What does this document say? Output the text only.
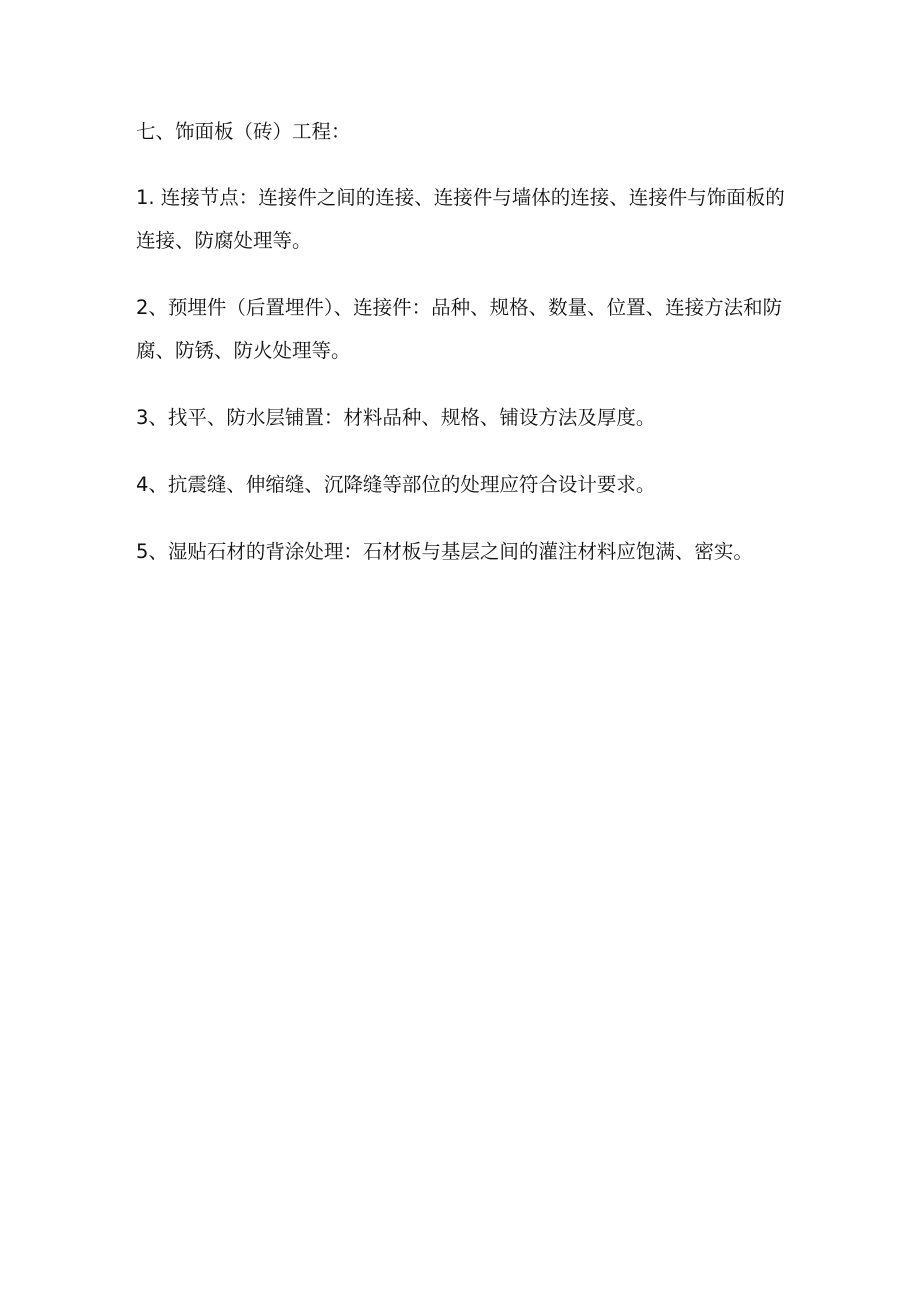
七、饰面板（砖）工程：

1. 连接节点：连接件之间的连接、连接件与墙体的连接、连接件与饰面板的连接、防腐处理等。

2、预埋件（后置埋件）、连接件：品种、规格、数量、位置、连接方法和防腐、防锈、防火处理等。

3、找平、防水层铺置：材料品种、规格、铺设方法及厚度。

4、抗震缝、伸缩缝、沉降缝等部位的处理应符合设计要求。

5、湿贴石材的背涂处理：石材板与基层之间的灌注材料应饱满、密实。
